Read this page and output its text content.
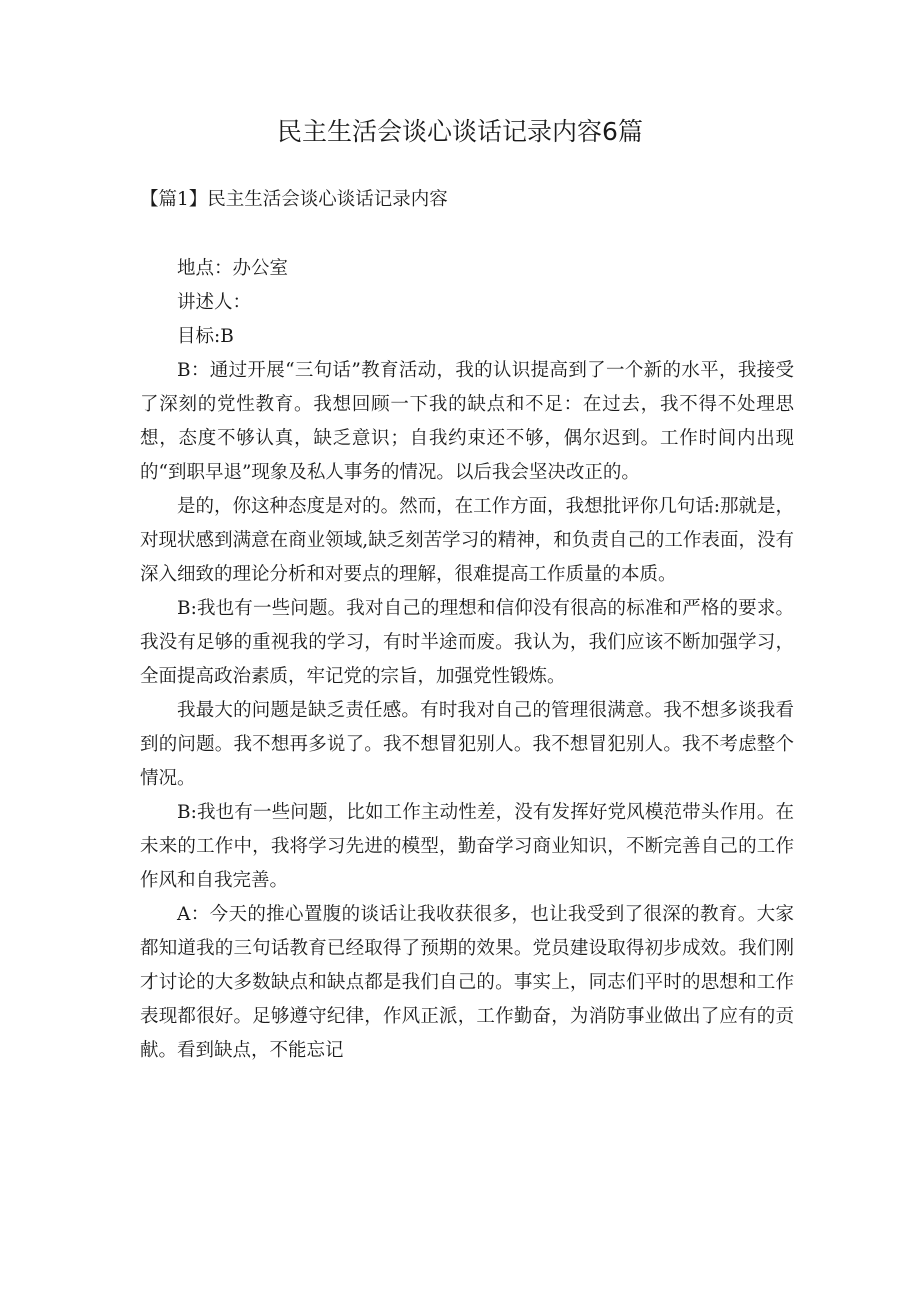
民主生活会谈心谈话记录内容6篇
【篇1】民主生活会谈心谈话记录内容

地点：办公室

讲述人：

目标:B

B：通过开展“三句话”教育活动，我的认识提高到了一个新的水平，我接受了深刻的党性教育。我想回顾一下我的缺点和不足：在过去，我不得不处理思想，态度不够认真，缺乏意识；自我约束还不够，偶尔迟到。工作时间内出现的“到职早退”现象及私人事务的情况。以后我会坚决改正的。

是的，你这种态度是对的。然而，在工作方面，我想批评你几句话:那就是，对现状感到满意在商业领域,缺乏刻苦学习的精神，和负责自己的工作表面，没有深入细致的理论分析和对要点的理解，很难提高工作质量的本质。

B:我也有一些问题。我对自己的理想和信仰没有很高的标准和严格的要求。我没有足够的重视我的学习，有时半途而废。我认为，我们应该不断加强学习，全面提高政治素质，牢记党的宗旨，加强党性锻炼。

我最大的问题是缺乏责任感。有时我对自己的管理很满意。我不想多谈我看到的问题。我不想再多说了。我不想冒犯别人。我不想冒犯别人。我不考虑整个情况。

B:我也有一些问题，比如工作主动性差，没有发挥好党风模范带头作用。在未来的工作中，我将学习先进的模型，勤奋学习商业知识，不断完善自己的工作作风和自我完善。

A：今天的推心置腹的谈话让我收获很多，也让我受到了很深的教育。大家都知道我的三句话教育已经取得了预期的效果。党员建设取得初步成效。我们刚才讨论的大多数缺点和缺点都是我们自己的。事实上，同志们平时的思想和工作表现都很好。足够遵守纪律，作风正派，工作勤奋，为消防事业做出了应有的贡献。看到缺点，不能忘记
